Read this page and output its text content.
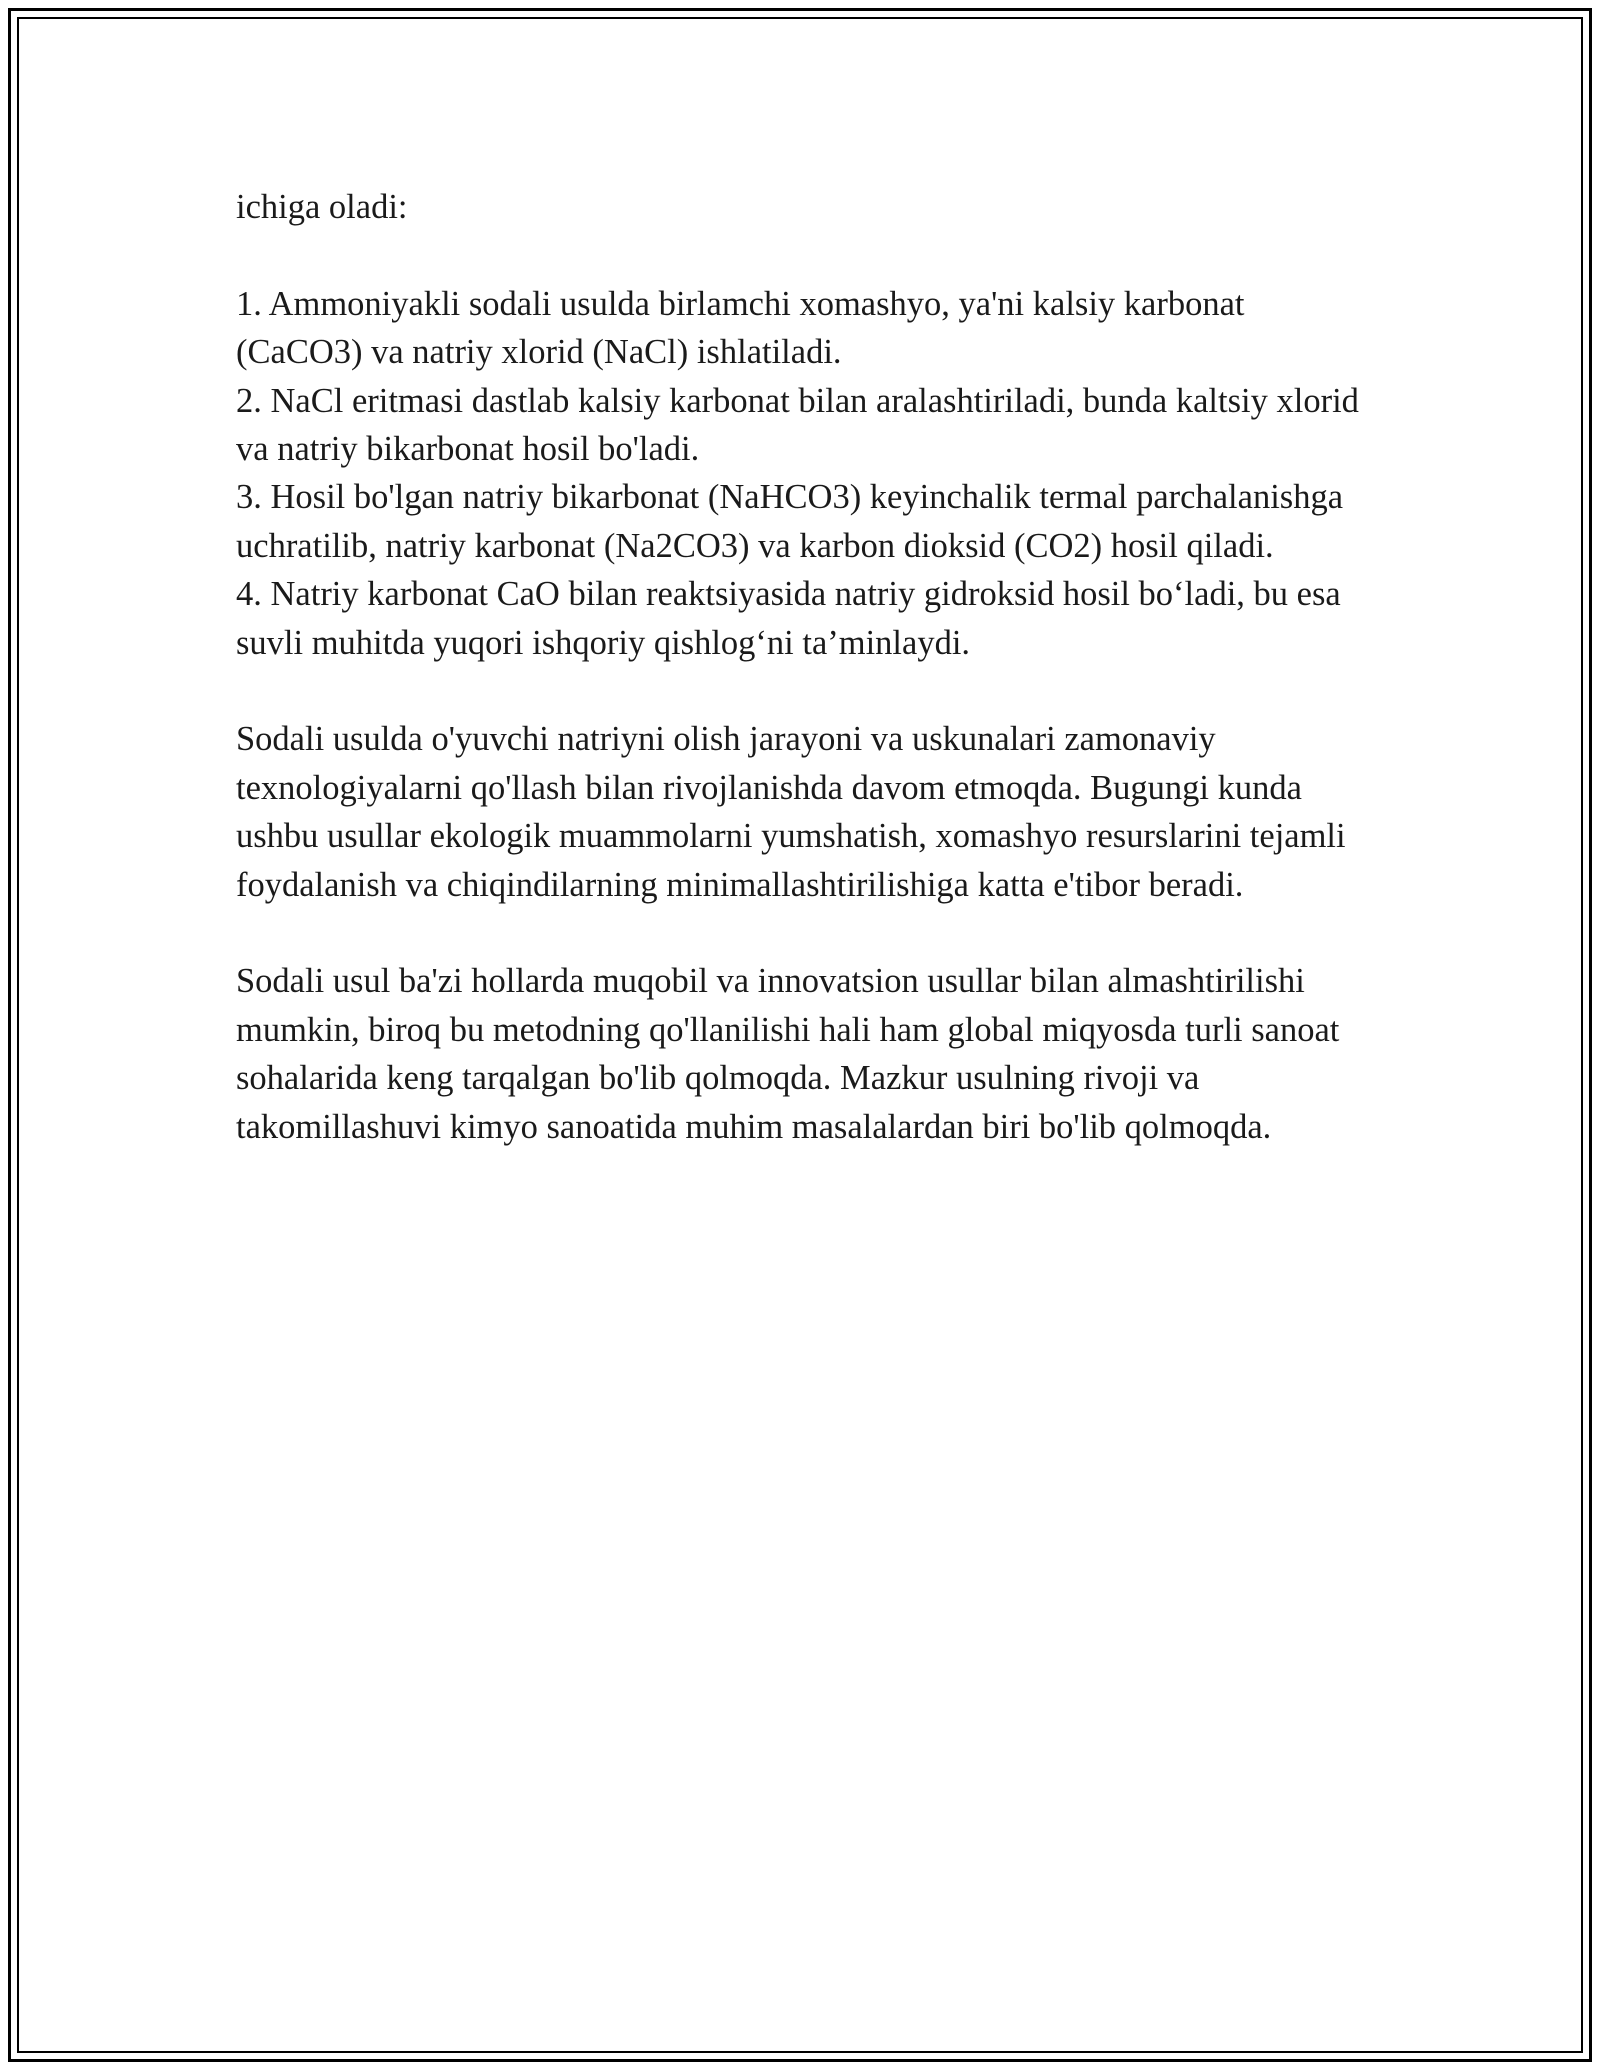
ichiga oladi:

1. Ammoniyakli sodali usulda birlamchi xomashyo, ya'ni kalsiy karbonat (CaCO3) va natriy xlorid (NaCl) ishlatiladi.

2. NaCl eritmasi dastlab kalsiy karbonat bilan aralashtiriladi, bunda kaltsiy xlorid va natriy bikarbonat hosil bo'ladi.

3. Hosil bo'lgan natriy bikarbonat (NaHCO3) keyinchalik termal parchalanishga uchratilib, natriy karbonat (Na2CO3) va karbon dioksid (CO2) hosil qiladi.

4. Natriy karbonat CaO bilan reaktsiyasida natriy gidroksid hosil bo‘ladi, bu esa suvli muhitda yuqori ishqoriy qishlog‘ni ta’minlaydi.

Sodali usulda o'yuvchi natriyni olish jarayoni va uskunalari zamonaviy texnologiyalarni qo'llash bilan rivojlanishda davom etmoqda. Bugungi kunda ushbu usullar ekologik muammolarni yumshatish, xomashyo resurslarini tejamli foydalanish va chiqindilarning minimallashtirilishiga katta e'tibor beradi.

Sodali usul ba'zi hollarda muqobil va innovatsion usullar bilan almashtirilishi mumkin, biroq bu metodning qo'llanilishi hali ham global miqyosda turli sanoat sohalarida keng tarqalgan bo'lib qolmoqda. Mazkur usulning rivoji va takomillashuvi kimyo sanoatida muhim masalalardan biri bo'lib qolmoqda.
